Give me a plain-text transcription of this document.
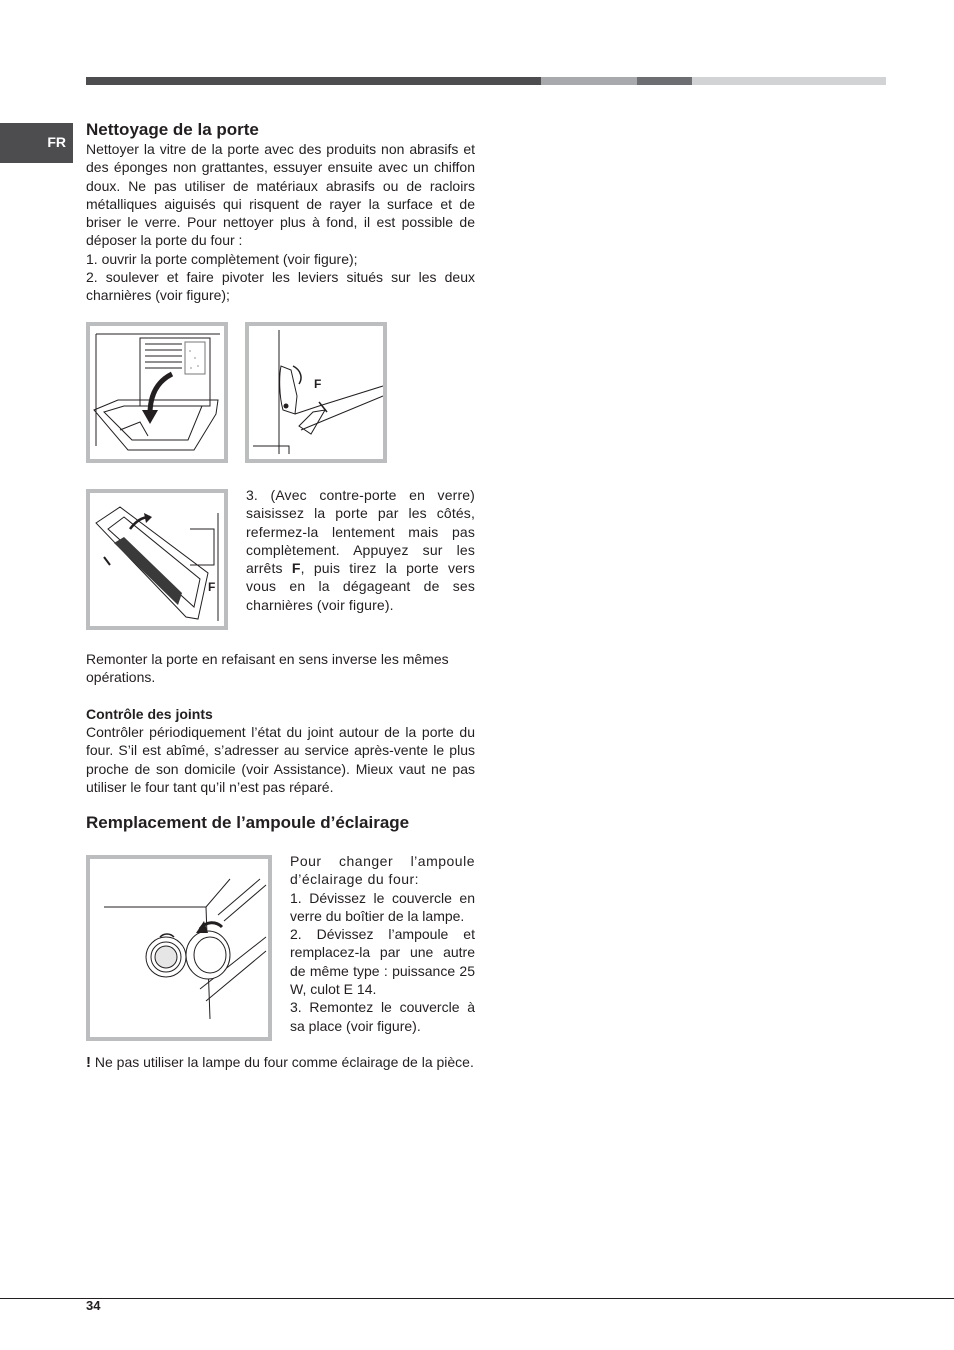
FR
Nettoyage de la porte

Nettoyer la vitre de la porte avec des produits non abrasifs et des éponges non grattantes, essuyer ensuite avec un chiffon doux. Ne pas utiliser de matériaux abrasifs ou de racloirs métalliques aiguisés qui risquent de rayer la surface et de briser le verre. Pour nettoyer plus à fond, il est possible de déposer la porte du four :

1. ouvrir la porte complètement (voir figure);

2. soulever et faire pivoter les leviers situés sur les deux charnières (voir figure);

F
F

3. (Avec contre-porte en verre) saisissez la porte par les côtés, refermez-la lentement mais pas complètement. Appuyez sur les arrêts F, puis tirez la porte vers vous en la dégageant de ses charnières (voir figure).

Remonter la porte en refaisant en sens inverse les mêmes opérations.

Contrôle des joints

Contrôler périodiquement l’état du joint autour de la porte du four. S’il est abîmé, s’adresser au service après-vente le plus proche de son domicile (voir Assistance). Mieux vaut ne pas utiliser le four tant qu’il n’est pas réparé.

Remplacement de l’ampoule d’éclairage

Pour changer l’ampoule d’éclairage du four:

1. Dévissez le couvercle en verre du boîtier de la lampe.

2. Dévissez l’ampoule et remplacez-la par une autre de même type : puissance 25 W, culot E 14.

3. Remontez le couvercle à sa place (voir figure).

! Ne pas utiliser la lampe du four comme éclairage de la pièce.

34
